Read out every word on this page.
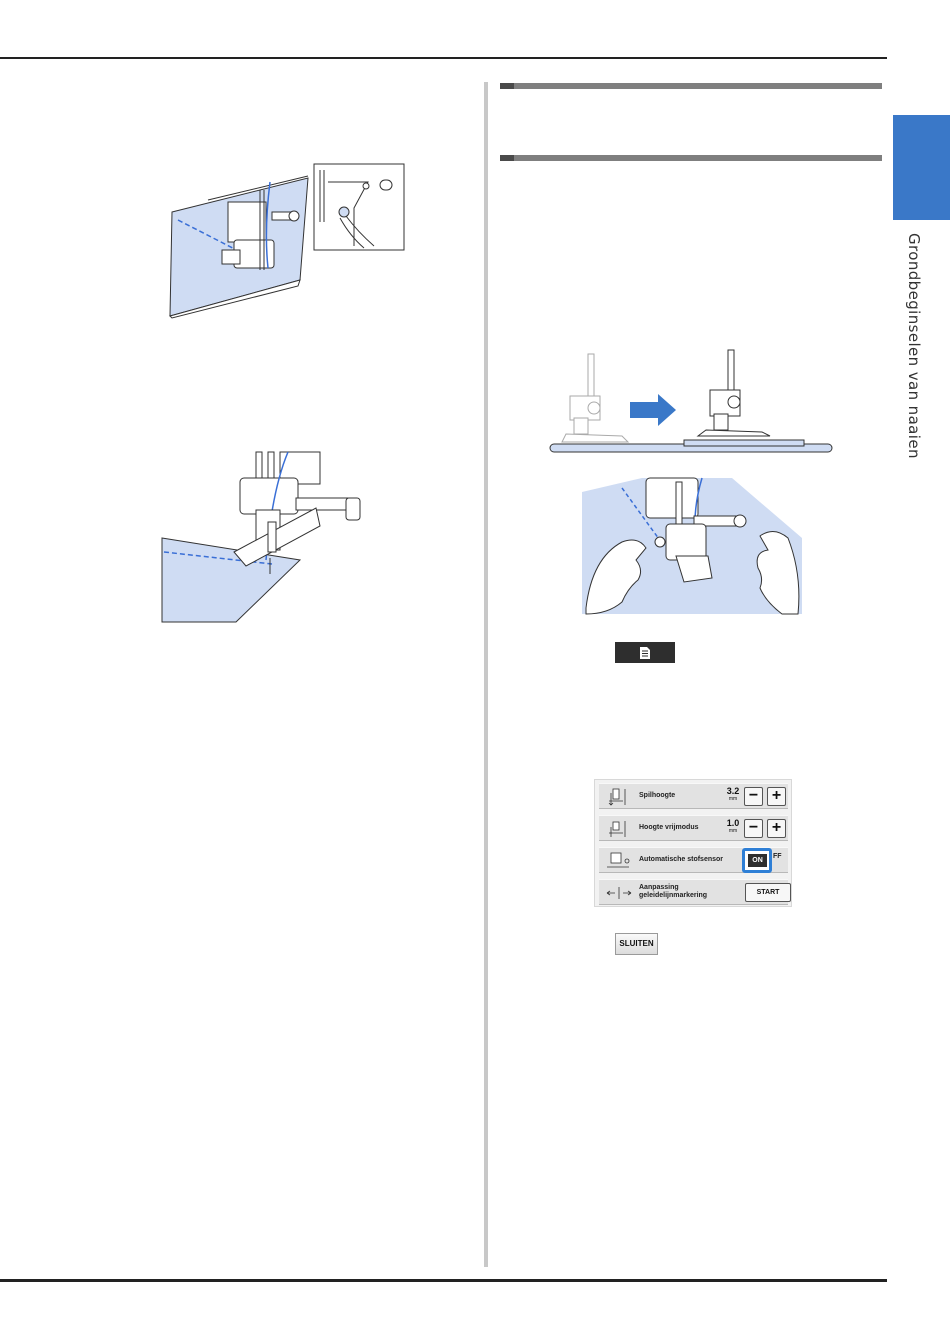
Grondbeginselen van naaien
Spilhoogte	3.2
mm − +
Hoogte vrijmodus	1.0
mm − +
Automatische stofsensor	ON
FF
Aanpassing
geleidelijnmarkering	START
SLUITEN
